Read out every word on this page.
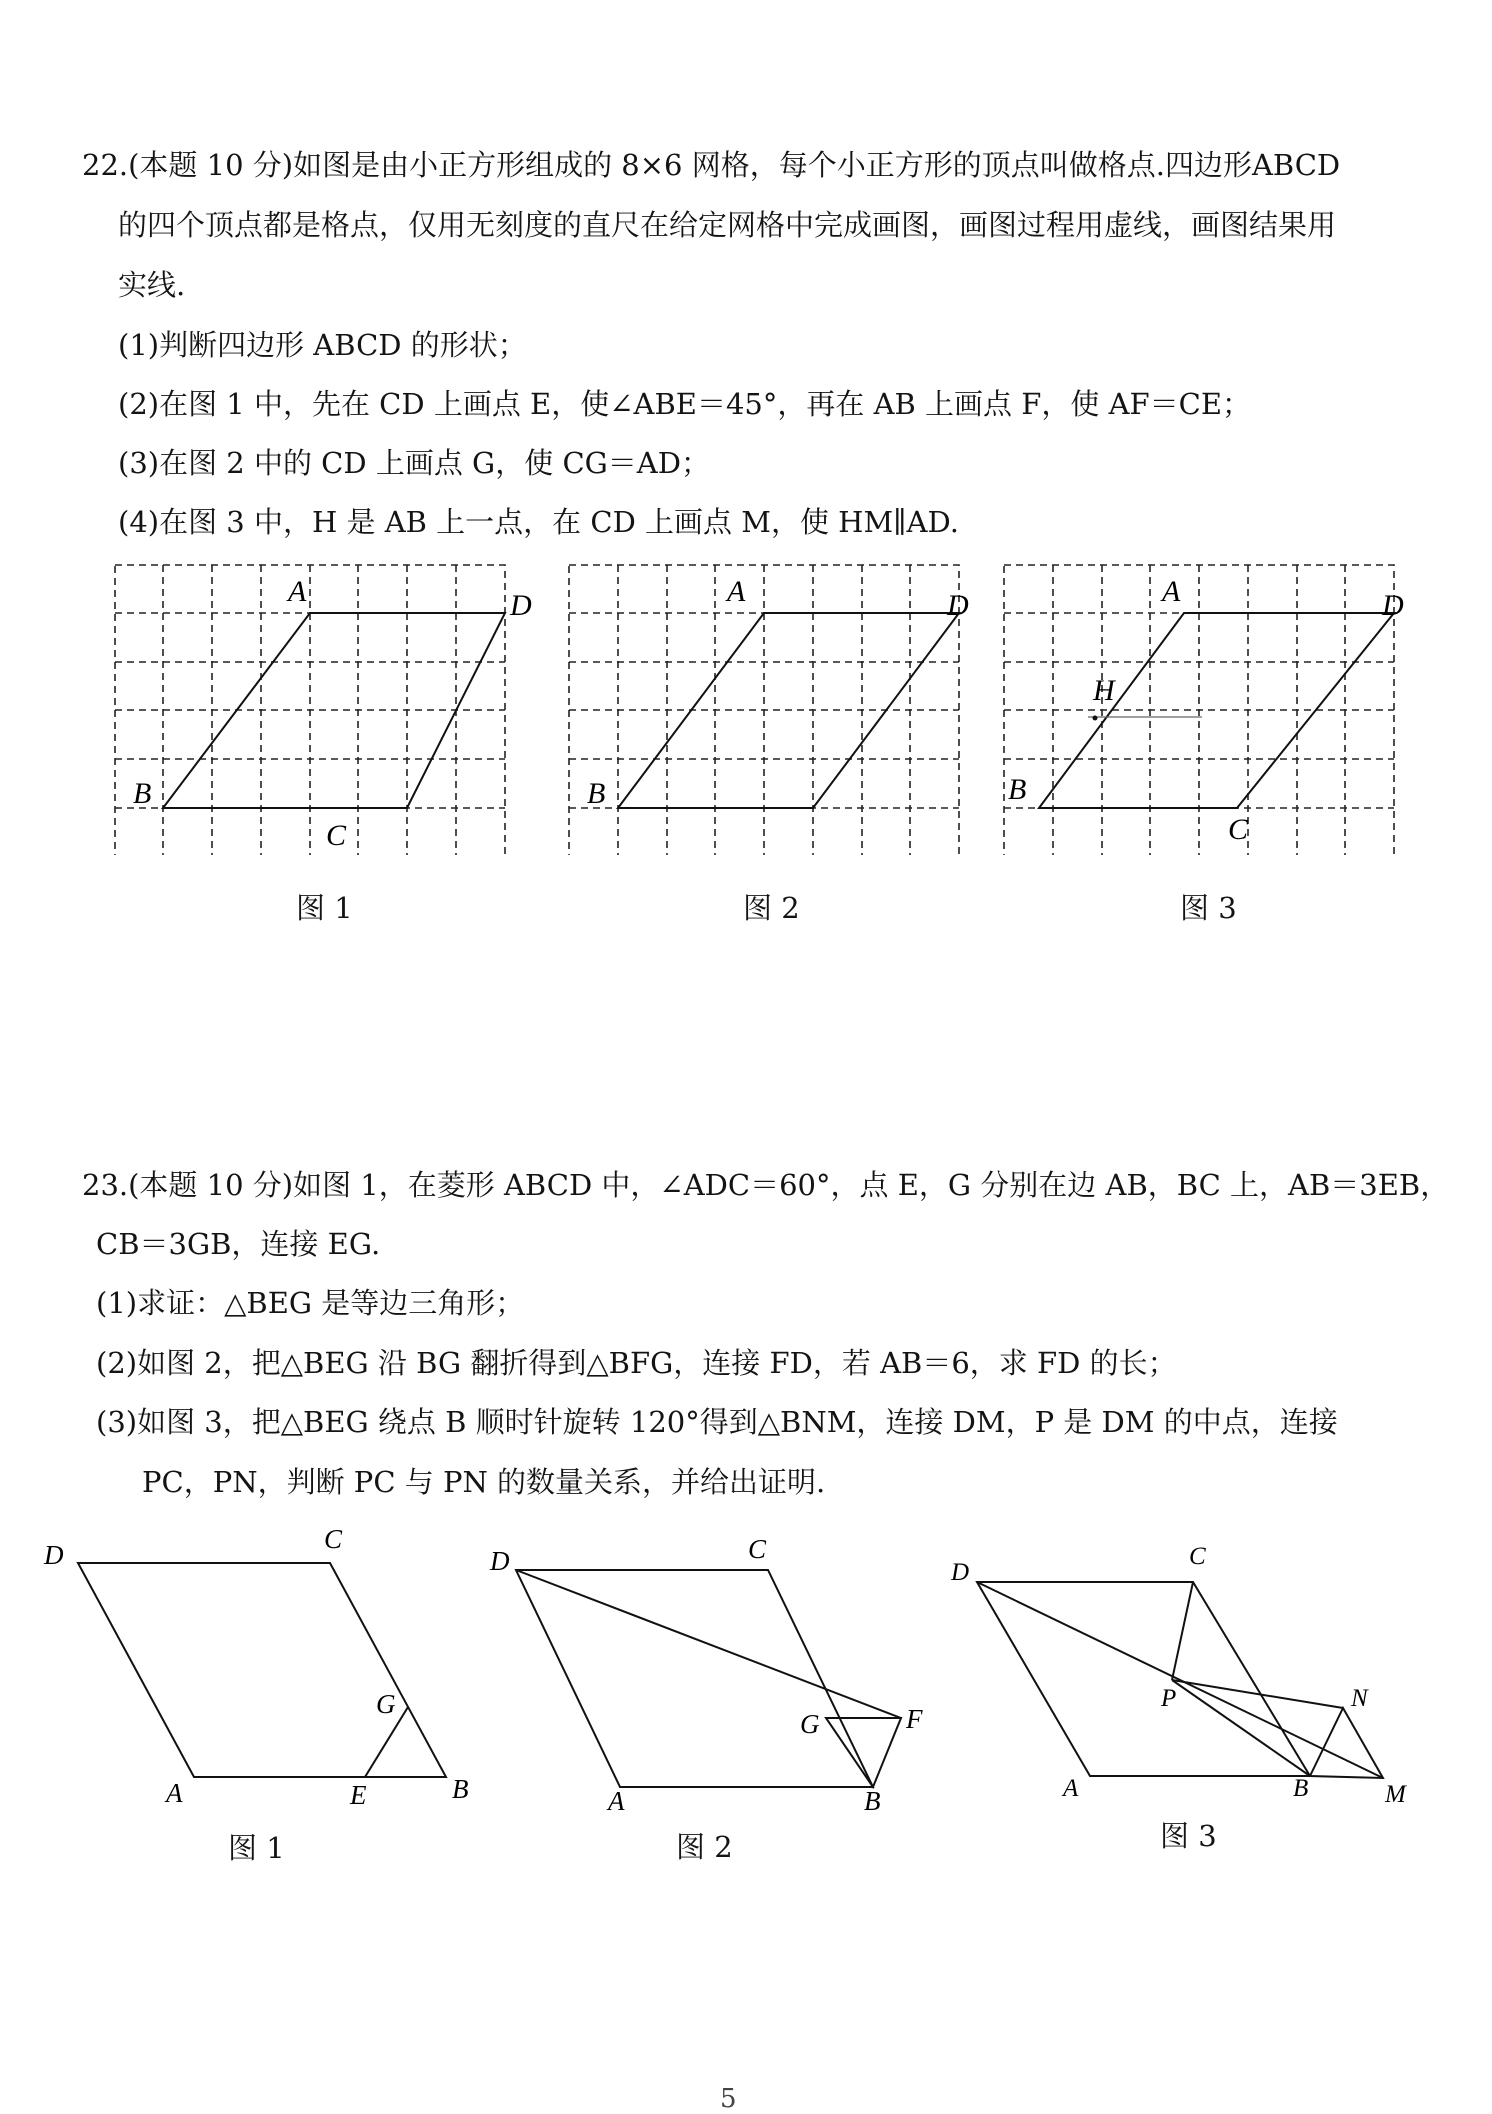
22.(本题 10 分)如图是由小正方形组成的 8×6 网格，每个小正方形的顶点叫做格点.四边形ABCD
的四个顶点都是格点，仅用无刻度的直尺在给定网格中完成画图，画图过程用虚线，画图结果用
实线.
(1)判断四边形 ABCD 的形状；
(2)在图 1 中，先在 CD 上画点 E，使∠ABE＝45°，再在 AB 上画点 F，使 AF＝CE；
(3)在图 2 中的 CD 上画点 G，使 CG＝AD；
(4)在图 3 中，H 是 AB 上一点，在 CD 上画点 M，使 HM∥AD.
A	D
B
C
图 1
A	D
B
图 2
A	D
H
B
C
图 3
23.(本题 10 分)如图 1，在菱形 ABCD 中，∠ADC＝60°，点 E，G 分别在边 AB，BC 上，AB＝3EB，
CB＝3GB，连接 EG.
(1)求证：△BEG 是等边三角形；
(2)如图 2，把△BEG 沿 BG 翻折得到△BFG，连接 FD，若 AB＝6，求 FD 的长；
(3)如图 3，把△BEG 绕点 B 顺时针旋转 120°得到△BNM，连接 DM，P 是 DM 的中点，连接
PC，PN，判断 PC 与 PN 的数量关系，并给出证明.
D
C
G
A	E	B
图 1
D	C
G	F
A	B
图 2
D
C
P	N
A	B	M
图 3
5
